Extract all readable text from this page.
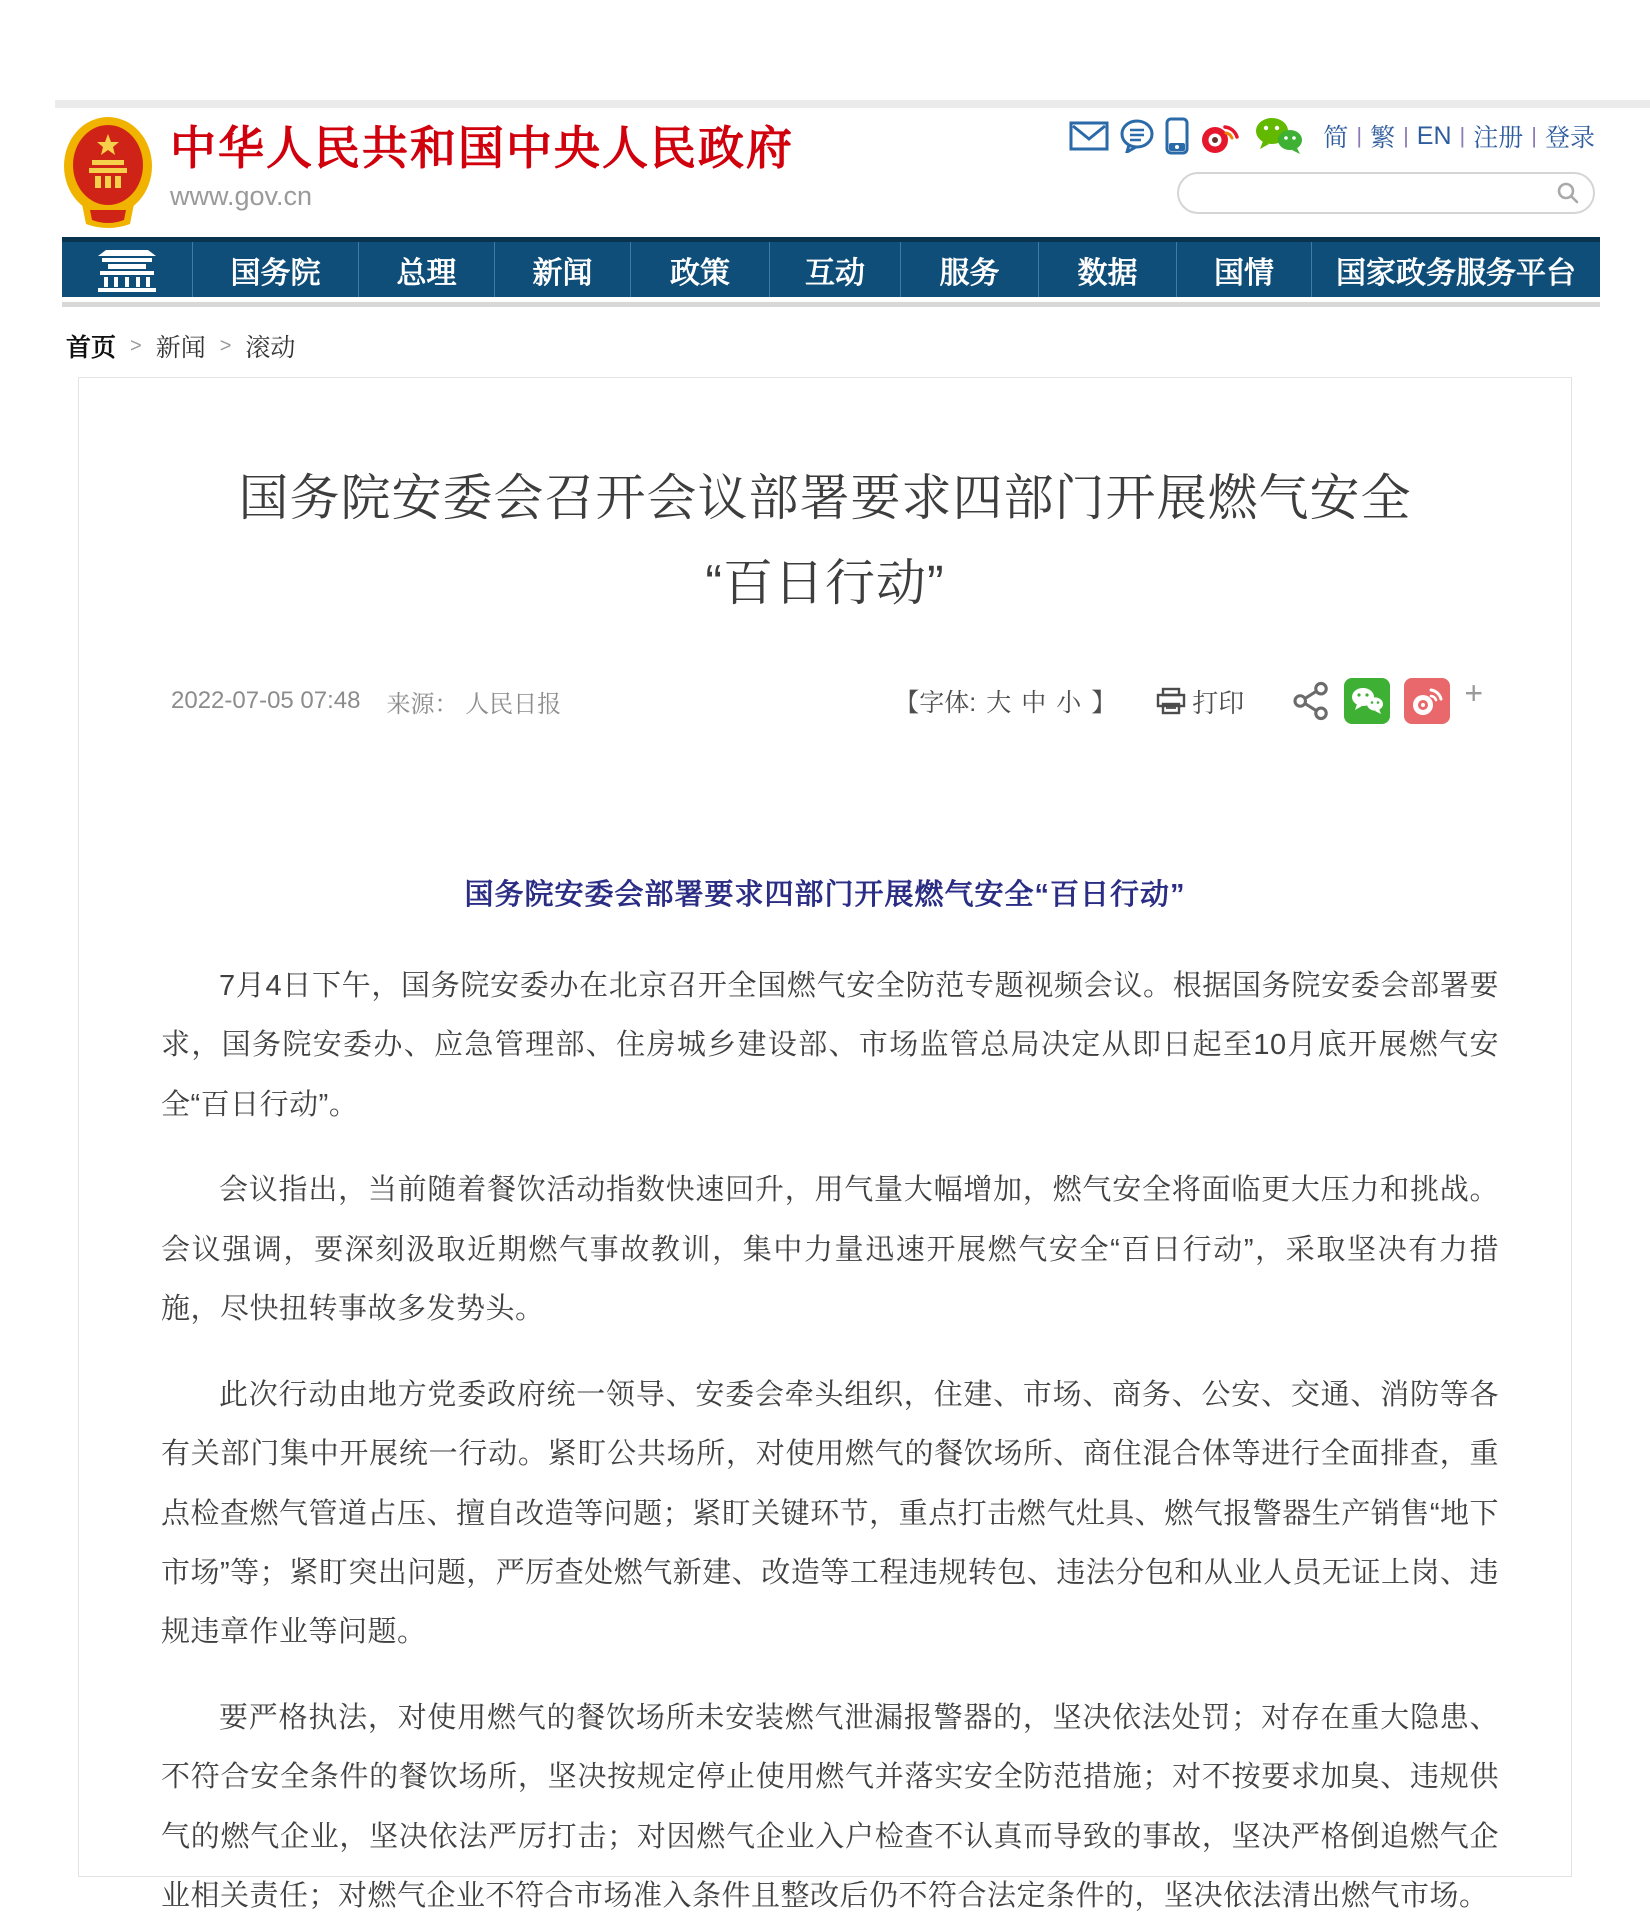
中华人民共和国中央人民政府
www.gov.cn
简 | 繁 | EN | 注册 | 登录
国务院	总理	新闻	政策	互动	服务	数据	国情	国家政务服务平台
首页 > 新闻 > 滚动
国务院安委会召开会议部署要求四部门开展燃气安全
“百日行动”
2022-07-05 07:48 来源： 人民日报	【字体: 大 中 小 】	打印	+
国务院安委会部署要求四部门开展燃气安全“百日行动”

7月4日下午，国务院安委办在北京召开全国燃气安全防范专题视频会议。根据国务院安委会部署要求，国务院安委办、应急管理部、住房城乡建设部、市场监管总局决定从即日起至10月底开展燃气安全“百日行动”。

会议指出，当前随着餐饮活动指数快速回升，用气量大幅增加，燃气安全将面临更大压力和挑战。会议强调，要深刻汲取近期燃气事故教训，集中力量迅速开展燃气安全“百日行动”，采取坚决有力措施，尽快扭转事故多发势头。

此次行动由地方党委政府统一领导、安委会牵头组织，住建、市场、商务、公安、交通、消防等各有关部门集中开展统一行动。紧盯公共场所，对使用燃气的餐饮场所、商住混合体等进行全面排查，重点检查燃气管道占压、擅自改造等问题；紧盯关键环节，重点打击燃气灶具、燃气报警器生产销售“地下市场”等；紧盯突出问题，严厉查处燃气新建、改造等工程违规转包、违法分包和从业人员无证上岗、违规违章作业等问题。

要严格执法，对使用燃气的餐饮场所未安装燃气泄漏报警器的，坚决依法处罚；对存在重大隐患、不符合安全条件的餐饮场所，坚决按规定停止使用燃气并落实安全防范措施；对不按要求加臭、违规供气的燃气企业，坚决依法严厉打击；对因燃气企业入户检查不认真而导致的事故，坚决严格倒追燃气企业相关责任；对燃气企业不符合市场准入条件且整改后仍不符合法定条件的，坚决依法清出燃气市场。
